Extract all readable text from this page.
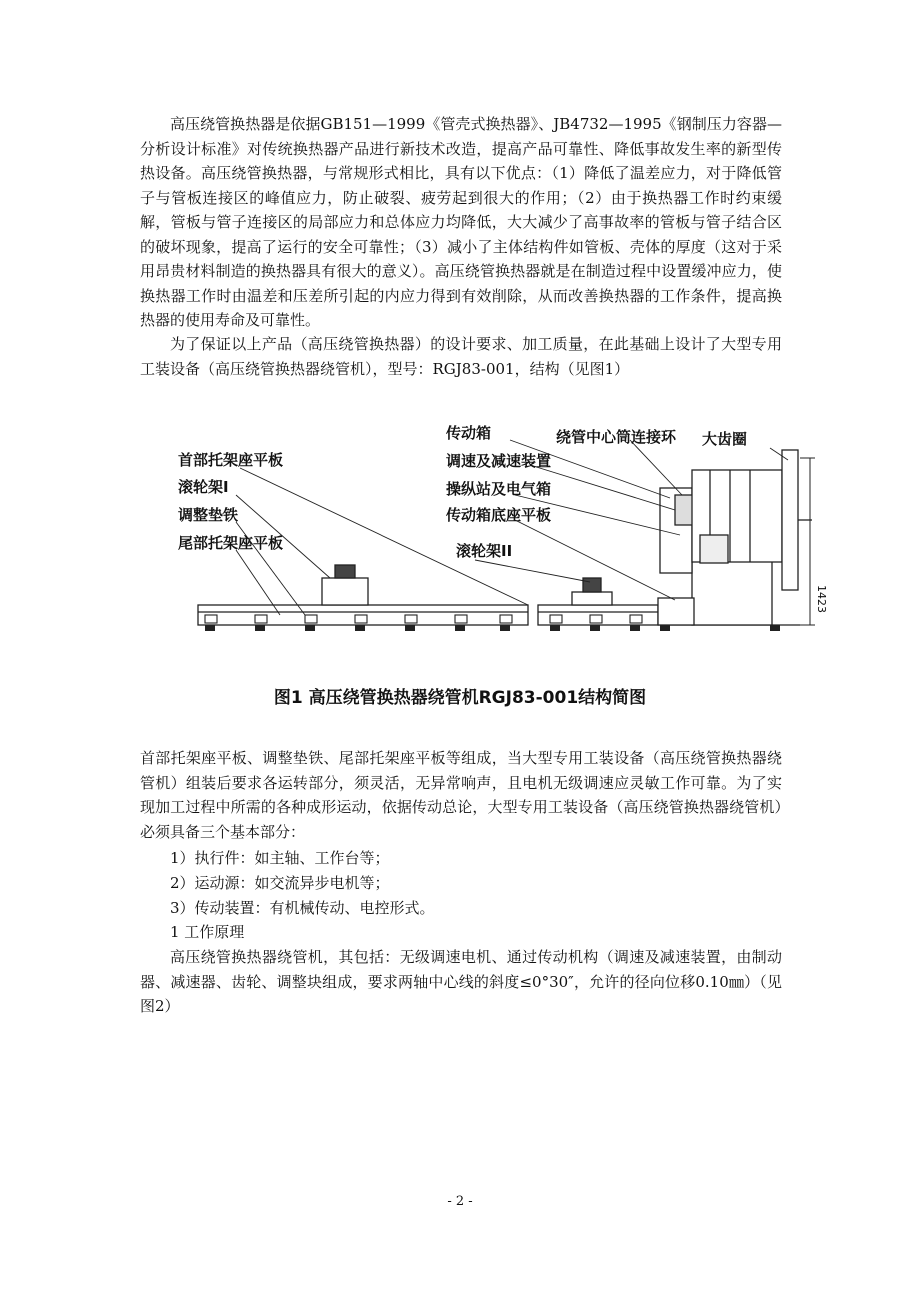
高压绕管换热器是依据GB151—1999《管壳式换热器》、JB4732—1995《钢制压力容器—分析设计标准》对传统换热器产品进行新技术改造，提高产品可靠性、降低事故发生率的新型传热设备。高压绕管换热器，与常规形式相比，具有以下优点：（1）降低了温差应力，对于降低管子与管板连接区的峰值应力，防止破裂、疲劳起到很大的作用；（2）由于换热器工作时约束缓解，管板与管子连接区的局部应力和总体应力均降低，大大减少了高事故率的管板与管子结合区的破坏现象，提高了运行的安全可靠性；（3）减小了主体结构件如管板、壳体的厚度（这对于采用昂贵材料制造的换热器具有很大的意义）。高压绕管换热器就是在制造过程中设置缓冲应力，使换热器工作时由温差和压差所引起的内应力得到有效削除，从而改善换热器的工作条件，提高换热器的使用寿命及可靠性。

为了保证以上产品（高压绕管换热器）的设计要求、加工质量，在此基础上设计了大型专用工装设备（高压绕管换热器绕管机），型号：RGJ83-001，结构（见图1）

1423
首部托架座平板
滚轮架I
调整垫铁
尾部托架座平板
传动箱
调速及减速装置
操纵站及电气箱
传动箱底座平板
滚轮架II
绕管中心筒连接环 大齿圈
图1 高压绕管换热器绕管机RGJ83-001结构简图

首部托架座平板、调整垫铁、尾部托架座平板等组成，当大型专用工装设备（高压绕管换热器绕管机）组装后要求各运转部分，须灵活，无异常响声，且电机无级调速应灵敏工作可靠。为了实现加工过程中所需的各种成形运动，依据传动总论，大型专用工装设备（高压绕管换热器绕管机）必须具备三个基本部分：

1）执行件：如主轴、工作台等；

2）运动源：如交流异步电机等；

3）传动装置：有机械传动、电控形式。

1 工作原理

高压绕管换热器绕管机，其包括：无级调速电机、通过传动机构（调速及减速装置，由制动器、减速器、齿轮、调整块组成，要求两轴中心线的斜度≤0°30″，允许的径向位移0.10㎜）（见图2）

- 2 -
